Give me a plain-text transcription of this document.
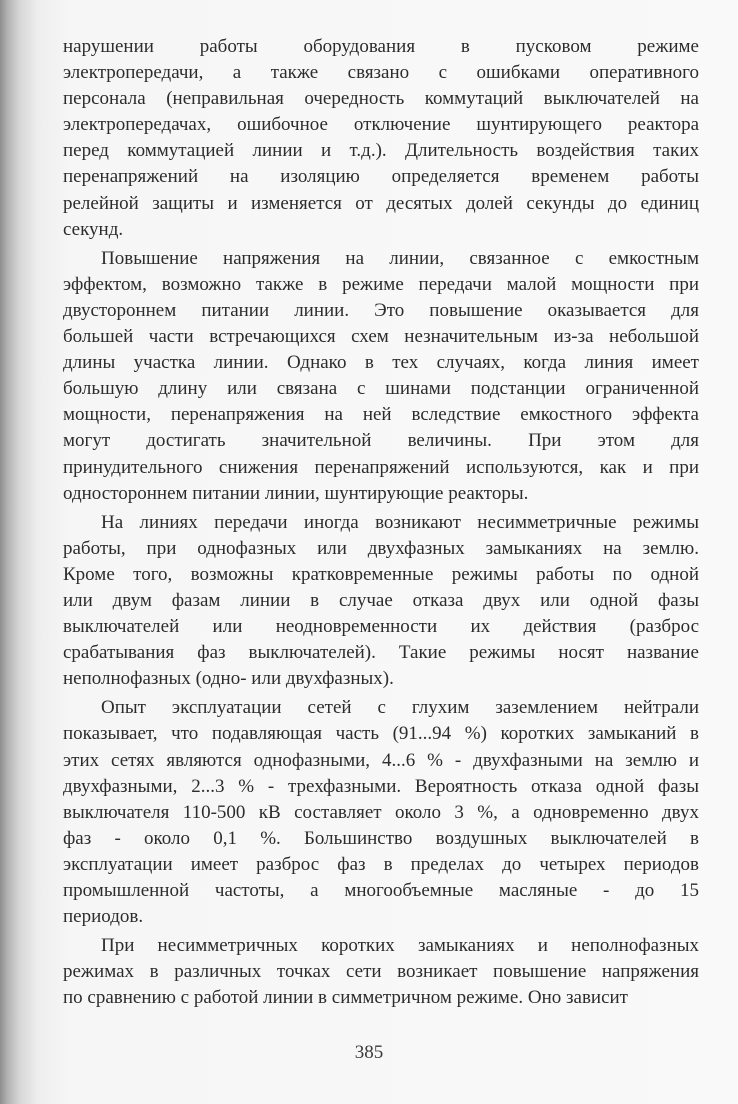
нарушении работы оборудования в пусковом режиме
электропередачи, а также связано с ошибками оперативного
персонала (неправильная очередность коммутаций выключателей на
электропередачах, ошибочное отключение шунтирующего реактора
перед коммутацией линии и т.д.). Длительность воздействия таких
перенапряжений на изоляцию определяется временем работы
релейной защиты и изменяется от десятых долей секунды до единиц
секунд.
Повышение напряжения на линии, связанное с емкостным
эффектом, возможно также в режиме передачи малой мощности при
двустороннем питании линии. Это повышение оказывается для
большей части встречающихся схем незначительным из-за небольшой
длины участка линии. Однако в тех случаях, когда линия имеет
большую длину или связана с шинами подстанции ограниченной
мощности, перенапряжения на ней вследствие емкостного эффекта
могут достигать значительной величины. При этом для
принудительного снижения перенапряжений используются, как и при
одностороннем питании линии, шунтирующие реакторы.
На линиях передачи иногда возникают несимметричные режимы
работы, при однофазных или двухфазных замыканиях на землю.
Кроме того, возможны кратковременные режимы работы по одной
или двум фазам линии в случае отказа двух или одной фазы
выключателей или неодновременности их действия (разброс
срабатывания фаз выключателей). Такие режимы носят название
неполнофазных (одно- или двухфазных).
Опыт эксплуатации сетей с глухим заземлением нейтрали
показывает, что подавляющая часть (91...94 %) коротких замыканий в
этих сетях являются однофазными, 4...6 % - двухфазными на землю и
двухфазными, 2...3 % - трехфазными. Вероятность отказа одной фазы
выключателя 110-500 кВ составляет около 3 %, а одновременно двух
фаз - около 0,1 %. Большинство воздушных выключателей в
эксплуатации имеет разброс фаз в пределах до четырех периодов
промышленной частоты, а многообъемные масляные - до 15
периодов.
При несимметричных коротких замыканиях и неполнофазных
режимах в различных точках сети возникает повышение напряжения
по сравнению с работой линии в симметричном режиме. Оно зависит
385
